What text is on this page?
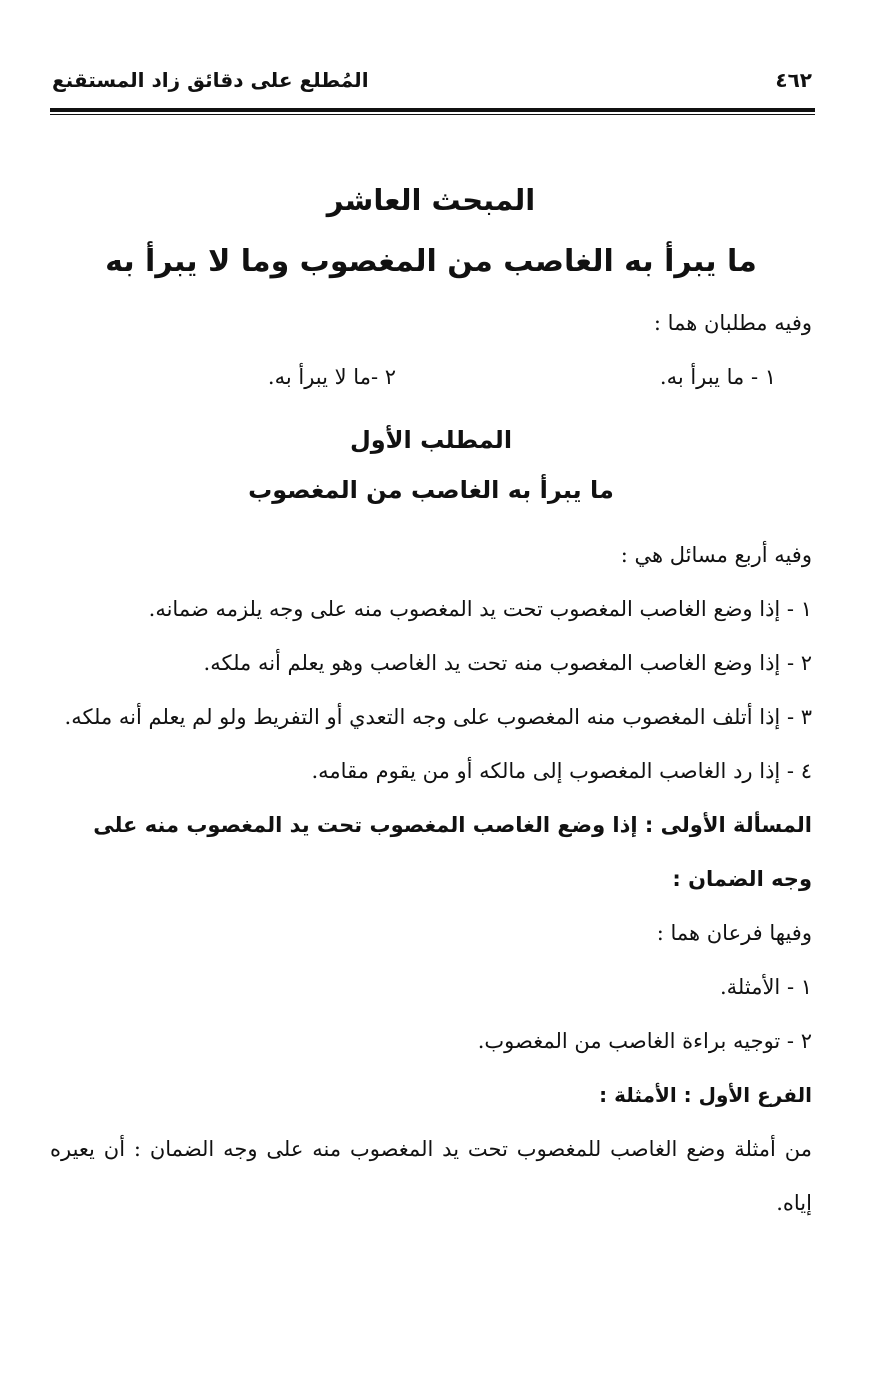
٤٦٢
المُطلع على دقائق زاد المستقنع
المبحث العاشر
ما يبرأ به الغاصب من المغصوب وما لا يبرأ به

وفيه مطلبان هما :

١ - ما يبرأ به.
٢ -ما لا يبرأ به.
المطلب الأول
ما يبرأ به الغاصب من المغصوب

وفيه أربع مسائل هي :

١ - إذا وضع الغاصب المغصوب تحت يد المغصوب منه على وجه يلزمه ضمانه.

٢ - إذا وضع الغاصب المغصوب منه تحت يد الغاصب وهو يعلم أنه ملكه.

٣ - إذا أتلف المغصوب منه المغصوب على وجه التعدي أو التفريط ولو لم يعلم أنه ملكه.

٤ - إذا رد الغاصب المغصوب إلى مالكه أو من يقوم مقامه.

المسألة الأولى : إذا وضع الغاصب المغصوب تحت يد المغصوب منه على وجه الضمان :

وفيها فرعان هما :

١ - الأمثلة.

٢ - توجيه براءة الغاصب من المغصوب.

الفرع الأول : الأمثلة :

من أمثلة وضع الغاصب للمغصوب تحت يد المغصوب منه على وجه الضمان : أن يعيره إياه.
